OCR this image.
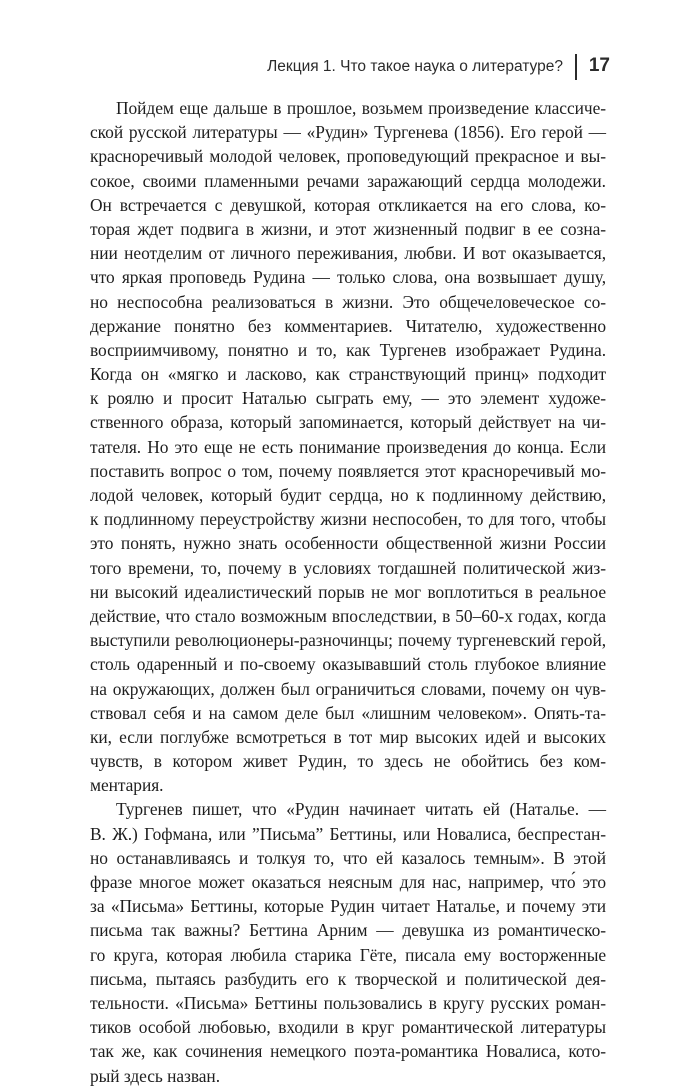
Лекция 1. Что такое наука о литературе? 17
Пойдем еще дальше в прошлое, возьмем произведение классиче-
ской русской литературы — «Рудин» Тургенева (1856). Его герой —
красноречивый молодой человек, проповедующий прекрасное и вы-
сокое, своими пламенными речами заражающий сердца молодежи.
Он встречается с девушкой, которая откликается на его слова, ко-
торая ждет подвига в жизни, и этот жизненный подвиг в ее созна-
нии неотделим от личного переживания, любви. И вот оказывается,
что яркая проповедь Рудина — только слова, она возвышает душу,
но неспособна реализоваться в жизни. Это общечеловеческое со-
держание понятно без комментариев. Читателю, художественно
восприимчивому, понятно и то, как Тургенев изображает Рудина.
Когда он «мягко и ласково, как странствующий принц» подходит
к роялю и просит Наталью сыграть ему, — это элемент художе-
ственного образа, который запоминается, который действует на чи-
тателя. Но это еще не есть понимание произведения до конца. Если
поставить вопрос о том, почему появляется этот красноречивый мо-
лодой человек, который будит сердца, но к подлинному действию,
к подлинному переустройству жизни неспособен, то для того, чтобы
это понять, нужно знать особенности общественной жизни России
того времени, то, почему в условиях тогдашней политической жиз-
ни высокий идеалистический порыв не мог воплотиться в реальное
действие, что стало возможным впоследствии, в 50–60-х годах, когда
выступили революционеры-разночинцы; почему тургеневский герой,
столь одаренный и по-своему оказывавший столь глубокое влияние
на окружающих, должен был ограничиться словами, почему он чув-
ствовал себя и на самом деле был «лишним человеком». Опять-та-
ки, если поглубже всмотреться в тот мир высоких идей и высоких
чувств, в котором живет Рудин, то здесь не обойтись без ком-
ментария.
Тургенев пишет, что «Рудин начинает читать ей (Наталье. —
В. Ж.) Гофмана, или ”Письма” Беттины, или Новалиса, беспрестан-
но останавливаясь и толкуя то, что ей казалось темным». В этой
фразе многое может оказаться неясным для нас, например, что́ это
за «Письма» Беттины, которые Рудин читает Наталье, и почему эти
письма так важны? Беттина Арним — девушка из романтическо-
го круга, которая любила старика Гёте, писала ему восторженные
письма, пытаясь разбудить его к творческой и политической дея-
тельности. «Письма» Беттины пользовались в кругу русских роман-
тиков особой любовью, входили в круг романтической литературы
так же, как сочинения немецкого поэта-романтика Новалиса, кото-
рый здесь назван.
